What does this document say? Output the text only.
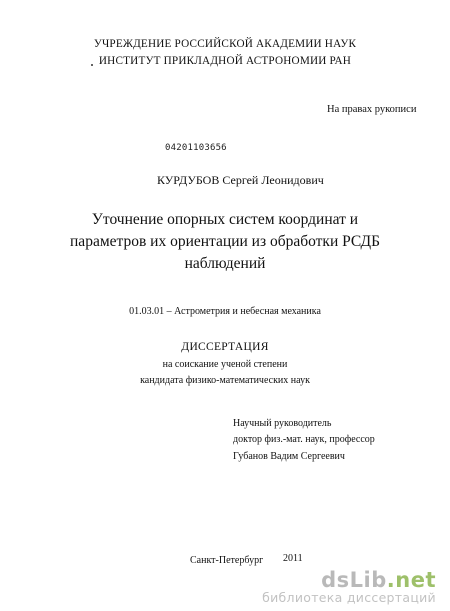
УЧРЕЖДЕНИЕ РОССИЙСКОЙ АКАДЕМИИ НАУК
ИНСТИТУТ ПРИКЛАДНОЙ АСТРОНОМИИ РАН
На правах рукописи
04201103656
КУРДУБОВ Сергей Леонидович
Уточнение опорных систем координат и
параметров их ориентации из обработки РСДБ
наблюдений
01.03.01 – Астрометрия и небесная механика
ДИССЕРТАЦИЯ
на соискание ученой степени
кандидата физико-математических наук
Научный руководитель
доктор физ.-мат. наук, профессор
Губанов Вадим Сергеевич
Санкт-Петербург 2011
dsLib.net
библиотека диссертаций
